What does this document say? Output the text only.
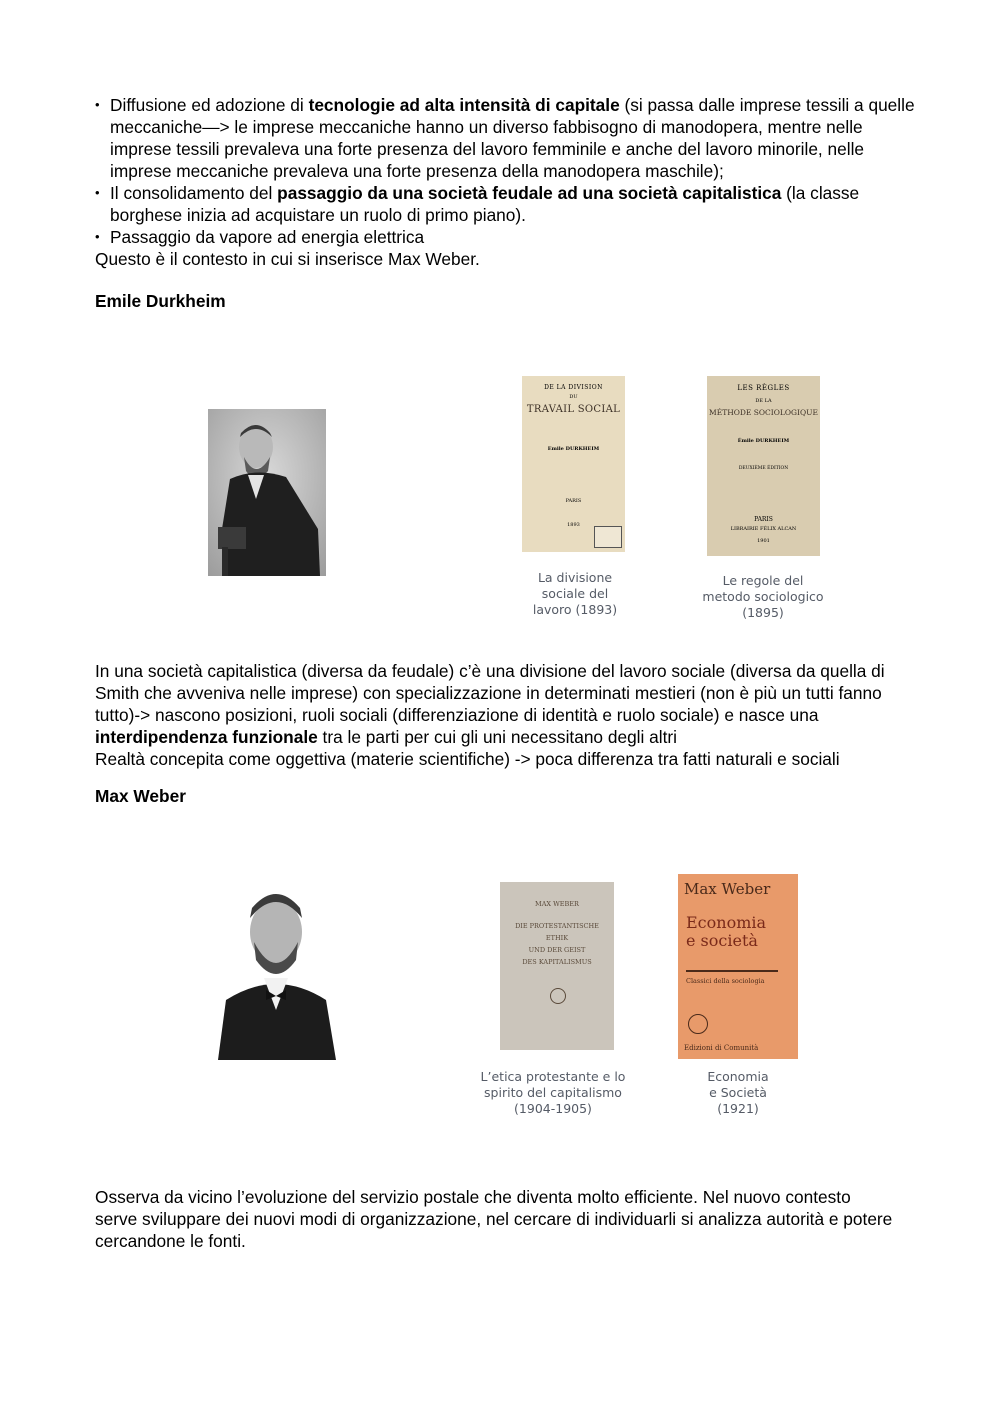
• Diffusione ed adozione di tecnologie ad alta intensità di capitale (si passa dalle imprese tessili a quelle meccaniche—> le imprese meccaniche hanno un diverso fabbisogno di manodopera, mentre nelle imprese tessili prevaleva una forte presenza del lavoro femminile e anche del lavoro minorile, nelle imprese meccaniche prevaleva una forte presenza della manodopera maschile);
• Il consolidamento del passaggio da una società feudale ad una società capitalistica (la classe borghese inizia ad acquistare un ruolo di primo piano).
• Passaggio da vapore ad energia elettrica

Questo è il contesto in cui si inserisce Max Weber.

Emile Durkheim
DE LA DIVISION
DU
TRAVAIL SOCIAL
Emile DURKHEIM
PARIS
1893
La divisione
sociale del
lavoro (1893)
LES RÈGLES
DE LA
MÉTHODE SOCIOLOGIQUE
Émile DURKHEIM
DEUXIÈME ÉDITION
PARIS
LIBRAIRIE FÉLIX ALCAN
1901
Le regole del
metodo sociologico
(1895)

In una società capitalistica (diversa da feudale) c’è una divisione del lavoro sociale (diversa da quella di Smith che avveniva nelle imprese) con specializzazione in determinati mestieri (non è più un tutti fanno tutto)-> nascono posizioni, ruoli sociali (differenziazione di identità e ruolo sociale) e nasce una interdipendenza funzionale tra le parti per cui gli uni necessitano degli altri
Realtà concepita come oggettiva (materie scientifiche) -> poca differenza tra fatti naturali e sociali

Max Weber
MAX WEBER
DIE PROTESTANTISCHE
ETHIK
UND DER GEIST
DES KAPITALISMUS
L’etica protestante e lo
spirito del capitalismo
(1904-1905)
Max Weber
Economia
e società
Classici della sociologia
Edizioni di Comunità
Economia
e Società
(1921)

Osserva da vicino l’evoluzione del servizio postale che diventa molto efficiente. Nel nuovo contesto serve sviluppare dei nuovi modi di organizzazione, nel cercare di individuarli si analizza autorità e potere cercandone le fonti.
